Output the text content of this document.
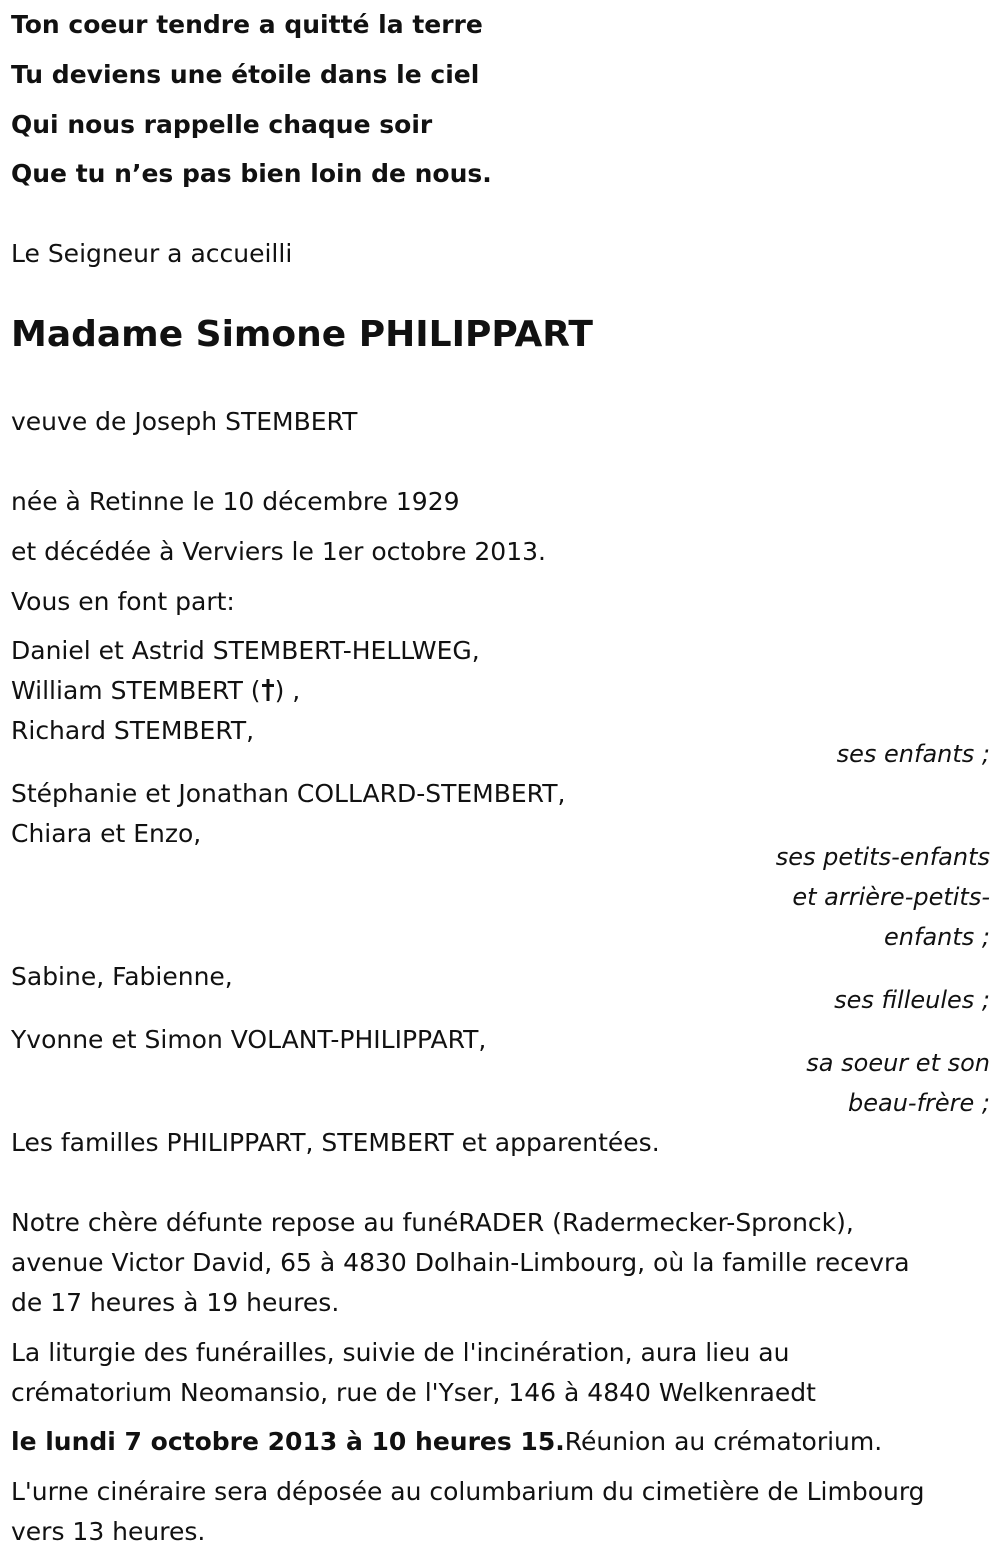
Ton coeur tendre a quitté la terre
Tu deviens une étoile dans le ciel
Qui nous rappelle chaque soir
Que tu n’es pas bien loin de nous.
Le Seigneur a accueilli
Madame Simone PHILIPPART
veuve de Joseph STEMBERT
née à Retinne le 10 décembre 1929
et décédée à Verviers le 1er octobre 2013.
Vous en font part:
Daniel et Astrid STEMBERT-HELLWEG,
William STEMBERT ( ) ,
Richard STEMBERT,
ses enfants ;
Stéphanie et Jonathan COLLARD-STEMBERT,
Chiara et Enzo,
ses petits-enfants
et arrière-petits-
enfants ;
Sabine, Fabienne,
ses filleules ;
Yvonne et Simon VOLANT-PHILIPPART,
sa soeur et son
beau-frère ;
Les familles PHILIPPART, STEMBERT et apparentées.
Notre chère défunte repose au funéRADER (Radermecker-Spronck),
avenue Victor David, 65 à 4830 Dolhain-Limbourg, où la famille recevra
de 17 heures à 19 heures.
La liturgie des funérailles, suivie de l'incinération, aura lieu au
crématorium Neomansio, rue de l'Yser, 146 à 4840 Welkenraedt
le lundi 7 octobre 2013 à 10 heures 15.Réunion au crématorium.
L'urne cinéraire sera déposée au columbarium du cimetière de Limbourg
vers 13 heures.
